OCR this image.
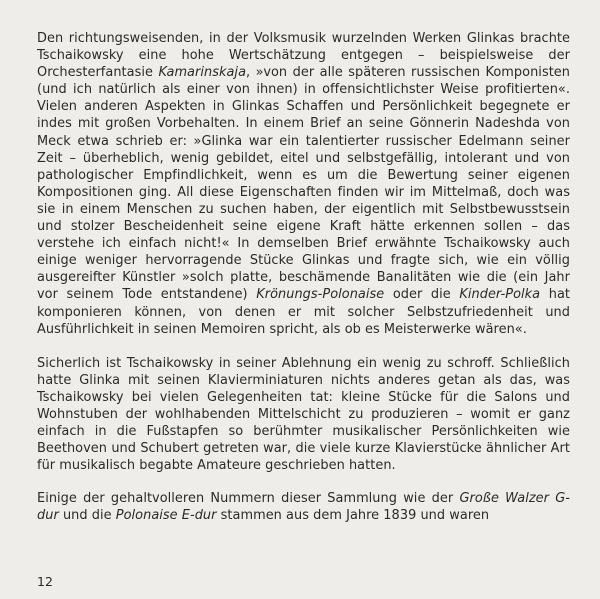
Den richtungsweisenden, in der Volksmusik wurzelnden Werken Glinkas brachte Tschaikowsky eine hohe Wertschätzung entgegen – beispielsweise der Orchesterfantasie Kamarinskaja, »von der alle späteren russischen Komponisten (und ich natürlich als einer von ihnen) in offensichtlichster Weise profitierten«. Vielen anderen Aspekten in Glinkas Schaffen und Persönlichkeit begegnete er indes mit großen Vorbehalten. In einem Brief an seine Gönnerin Nadeshda von Meck etwa schrieb er: »Glinka war ein talentierter russischer Edelmann seiner Zeit – überheblich, wenig gebildet, eitel und selbstgefällig, intolerant und von pathologischer Empfindlichkeit, wenn es um die Bewertung seiner eigenen Kompositionen ging. All diese Eigenschaften finden wir im Mittelmaß, doch was sie in einem Menschen zu suchen haben, der eigentlich mit Selbstbewusstsein und stolzer Bescheidenheit seine eigene Kraft hätte erkennen sollen – das verstehe ich einfach nicht!« In demselben Brief erwähnte Tschaikowsky auch einige weniger hervorragende Stücke Glinkas und fragte sich, wie ein völlig ausgereifter Künstler »solch platte, beschämende Banalitäten wie die (ein Jahr vor seinem Tode entstandene) Krönungs-Polonaise oder die Kinder-Polka hat komponieren können, von denen er mit solcher Selbstzufriedenheit und Ausführlichkeit in seinen Memoiren spricht, als ob es Meisterwerke wären«.

Sicherlich ist Tschaikowsky in seiner Ablehnung ein wenig zu schroff. Schließlich hatte Glinka mit seinen Klavierminiaturen nichts anderes getan als das, was Tschaikowsky bei vielen Gelegenheiten tat: kleine Stücke für die Salons und Wohnstuben der wohlhabenden Mittelschicht zu produzieren – womit er ganz einfach in die Fußstapfen so berühmter musikalischer Persönlichkeiten wie Beethoven und Schubert getreten war, die viele kurze Klavierstücke ähnlicher Art für musikalisch begabte Amateure geschrieben hatten.

Einige der gehaltvolleren Nummern dieser Sammlung wie der Große Walzer G-dur und die Polonaise E-dur stammen aus dem Jahre 1839 und waren

12
